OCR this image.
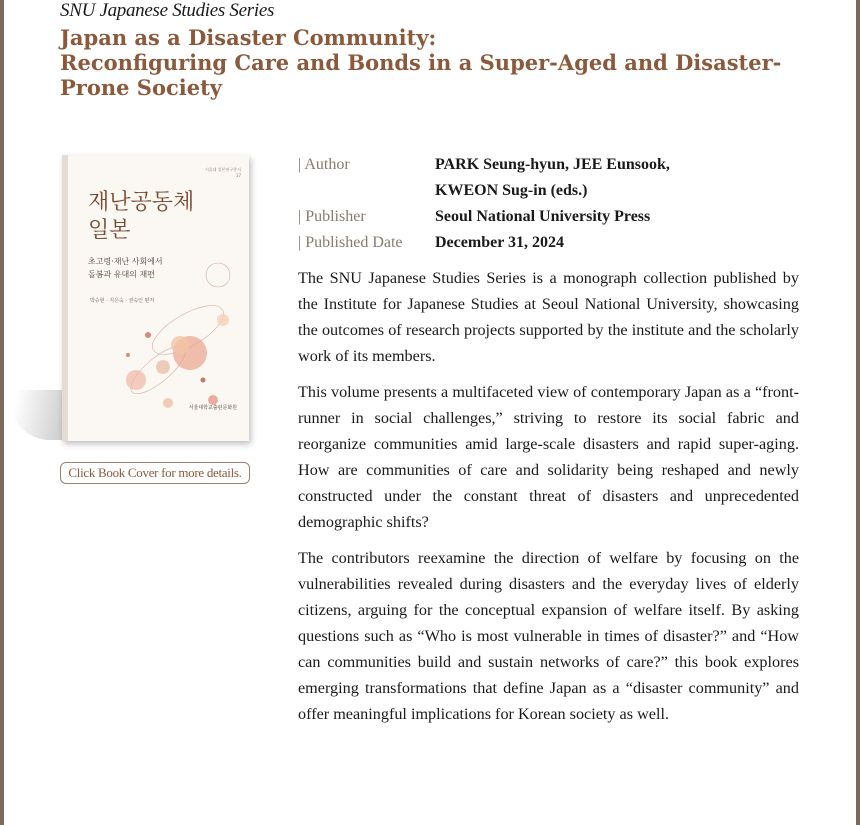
SNU Japanese Studies Series
Japan as a Disaster Community:
Reconfiguring Care and Bonds in a Super-Aged and Disaster-
Prone Society
서울대 일본연구총서
17
재난공동체
일본
초고령·재난 사회에서
돌봄과 유대의 재편
박승현 · 지은숙 · 권숙인 편저
서울대학교출판문화원
Click Book Cover for more details.
| Author	PARK Seung-hyun, JEE Eunsook,
KWEON Sug-in (eds.)
| Publisher	Seoul National University Press
| Published Date	December 31, 2024

The SNU Japanese Studies Series is a monograph collection published by the Institute for Japanese Studies at Seoul National University, showcasing the outcomes of research projects supported by the institute and the scholarly work of its members.

This volume presents a multifaceted view of contemporary Japan as a “front-runner in social challenges,” striving to restore its social fabric and reorganize communities amid large-scale disasters and rapid super-aging. How are communities of care and solidarity being reshaped and newly constructed under the constant threat of disasters and unprecedented demographic shifts?

The contributors reexamine the direction of welfare by focusing on the vulnerabilities revealed during disasters and the everyday lives of elderly citizens, arguing for the conceptual expansion of welfare itself. By asking questions such as “Who is most vulnerable in times of disaster?” and “How can communities build and sustain networks of care?” this book explores emerging transformations that define Japan as a “disaster community” and offer meaningful implications for Korean society as well.
